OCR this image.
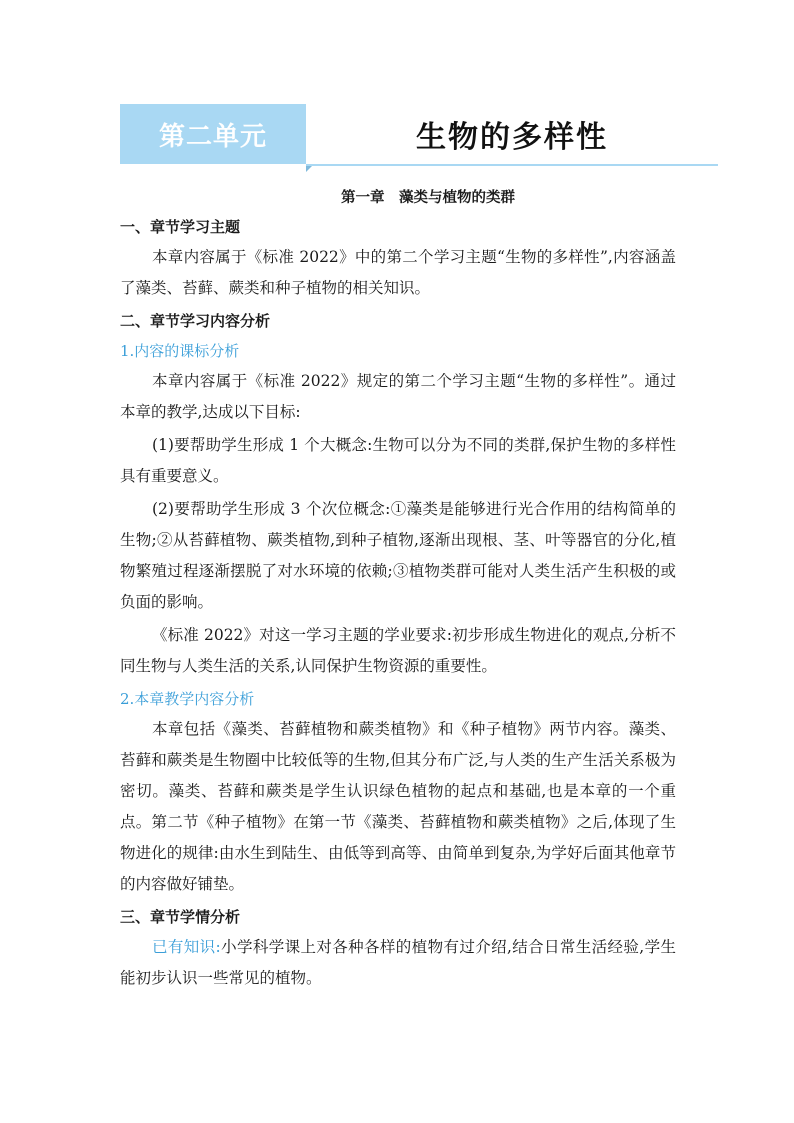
第二单元	生物的多样性
第一章　藻类与植物的类群
一、章节学习主题

本章内容属于《标准 2022》中的第二个学习主题“生物的多样性”,内容涵盖了藻类、苔藓、蕨类和种子植物的相关知识。

二、章节学习内容分析
1.内容的课标分析

本章内容属于《标准 2022》规定的第二个学习主题“生物的多样性”。通过本章的教学,达成以下目标:

(1)要帮助学生形成 1 个大概念:生物可以分为不同的类群,保护生物的多样性具有重要意义。

(2)要帮助学生形成 3 个次位概念:①藻类是能够进行光合作用的结构简单的生物;②从苔藓植物、蕨类植物,到种子植物,逐渐出现根、茎、叶等器官的分化,植物繁殖过程逐渐摆脱了对水环境的依赖;③植物类群可能对人类生活产生积极的或负面的影响。

《标准 2022》对这一学习主题的学业要求:初步形成生物进化的观点,分析不同生物与人类生活的关系,认同保护生物资源的重要性。

2.本章教学内容分析

本章包括《藻类、苔藓植物和蕨类植物》和《种子植物》两节内容。藻类、苔藓和蕨类是生物圈中比较低等的生物,但其分布广泛,与人类的生产生活关系极为密切。藻类、苔藓和蕨类是学生认识绿色植物的起点和基础,也是本章的一个重点。第二节《种子植物》在第一节《藻类、苔藓植物和蕨类植物》之后,体现了生物进化的规律:由水生到陆生、由低等到高等、由简单到复杂,为学好后面其他章节的内容做好铺垫。

三、章节学情分析

已有知识:小学科学课上对各种各样的植物有过介绍,结合日常生活经验,学生能初步认识一些常见的植物。
